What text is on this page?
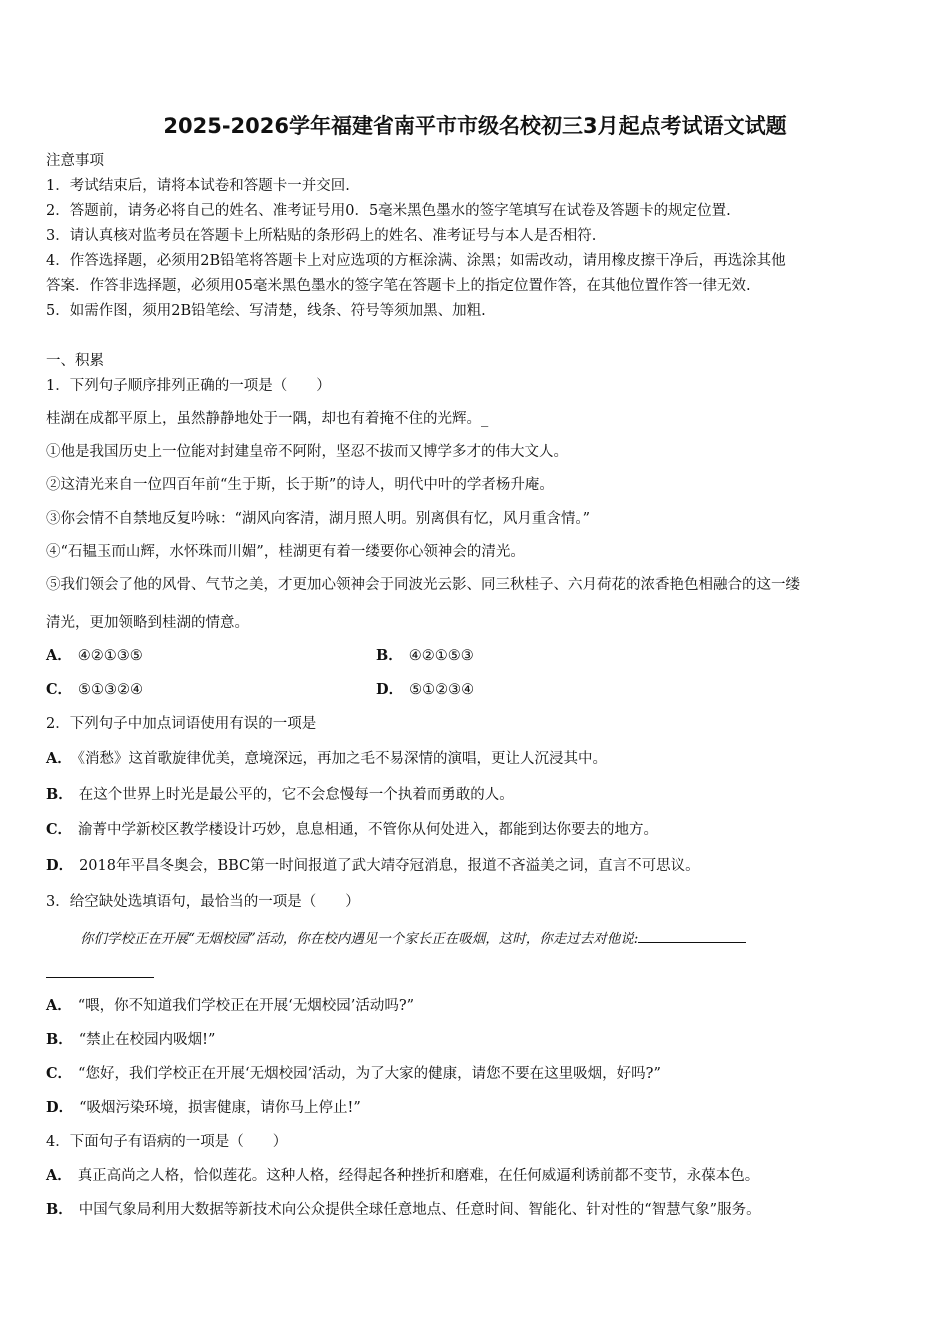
2025-2026学年福建省南平市市级名校初三3月起点考试语文试题
注意事项
1．考试结束后，请将本试卷和答题卡一并交回.
2．答题前，请务必将自己的姓名、准考证号用0．5毫米黑色墨水的签字笔填写在试卷及答题卡的规定位置.
3．请认真核对监考员在答题卡上所粘贴的条形码上的姓名、准考证号与本人是否相符.
4．作答选择题，必须用2B铅笔将答题卡上对应选项的方框涂满、涂黑；如需改动，请用橡皮擦干净后，再选涂其他
答案．作答非选择题，必须用05毫米黑色墨水的签字笔在答题卡上的指定位置作答，在其他位置作答一律无效.
5．如需作图，须用2B铅笔绘、写清楚，线条、符号等须加黑、加粗.
一、积累
1．下列句子顺序排列正确的一项是（　　）
桂湖在成都平原上，虽然静静地处于一隅，却也有着掩不住的光辉。_
①他是我国历史上一位能对封建皇帝不阿附，坚忍不拔而又博学多才的伟大文人。
②这清光来自一位四百年前“生于斯，长于斯”的诗人，明代中叶的学者杨升庵。
③你会情不自禁地反复吟咏：“湖风向客清，湖月照人明。别离俱有忆，风月重含情。”
④“石韫玉而山辉，水怀珠而川媚”，桂湖更有着一缕要你心领神会的清光。
⑤我们领会了他的风骨、气节之美，才更加心领神会于同波光云影、同三秋桂子、六月荷花的浓香艳色相融合的这一缕
清光，更加领略到桂湖的情意。
A． ④②①③⑤	B． ④②①⑤③
C． ⑤①③②④	D． ⑤①②③④
2．下列句子中加点词语使用有误的一项是
A． 《消愁》这首歌旋律优美，意境深远，再加之毛不易深情的演唱，更让人沉浸其中。
B． 在这个世界上时光是最公平的，它不会怠慢每一个执着而勇敢的人。
C． 渝菁中学新校区教学楼设计巧妙，息息相通，不管你从何处进入，都能到达你要去的地方。
D． 2018年平昌冬奥会，BBC第一时间报道了武大靖夺冠消息，报道不吝溢美之词，直言不可思议。
3．给空缺处选填语句，最恰当的一项是（　　）
你们学校正在开展“无烟校园”活动，你在校内遇见一个家长正在吸烟，这时，你走过去对他说:
A． “喂，你不知道我们学校正在开展‘无烟校园’活动吗?”
B． “禁止在校园内吸烟!”
C． “您好，我们学校正在开展‘无烟校园’活动，为了大家的健康，请您不要在这里吸烟，好吗?”
D． “吸烟污染环境，损害健康，请你马上停止!”
4．下面句子有语病的一项是（　　）
A． 真正高尚之人格，恰似莲花。这种人格，经得起各种挫折和磨难，在任何威逼利诱前都不变节，永葆本色。
B． 中国气象局利用大数据等新技术向公众提供全球任意地点、任意时间、智能化、针对性的“智慧气象”服务。
